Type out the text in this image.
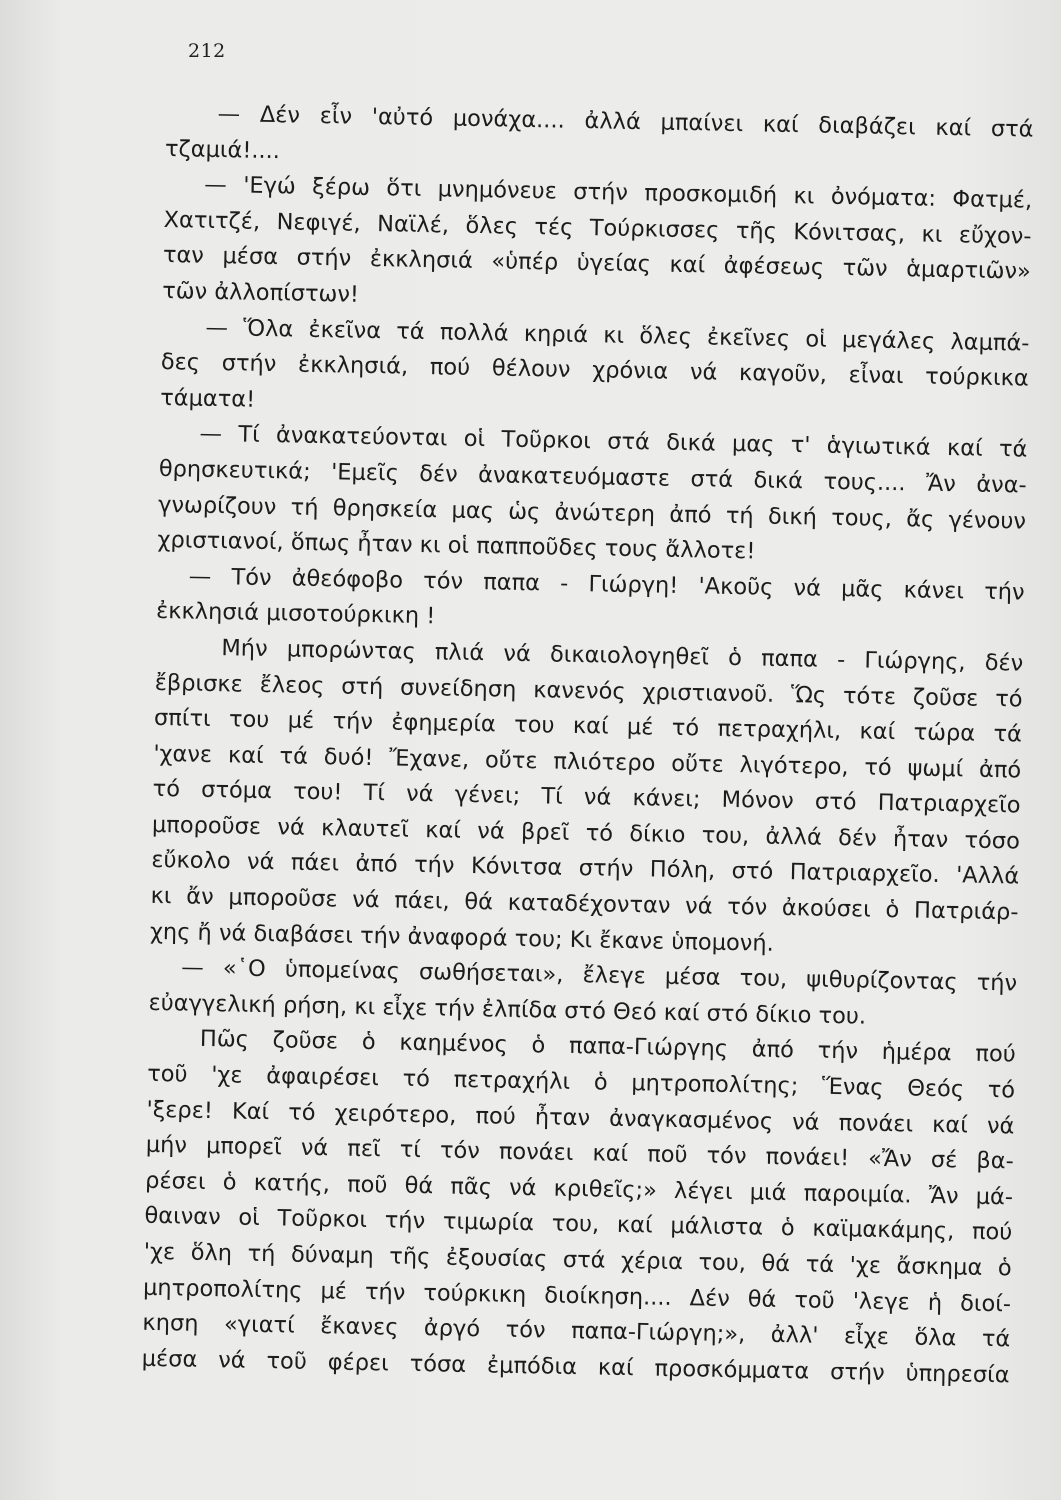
212
— Δέν εἶν 'αὐτό μονάχα.... ἀλλά μπαίνει καί διαβάζει καί στά
τζαμιά!....
— 'Εγώ ξέρω ὅτι μνημόνευε στήν προσκομιδή κι ὀνόματα: Φατμέ,
Χατιτζέ, Νεφιγέ, Ναϊλέ, ὅλες τές Τούρκισσες τῆς Κόνιτσας, κι εὔχον-
ταν μέσα στήν ἐκκλησιά «ὑπέρ ὑγείας καί ἀφέσεως τῶν ἁμαρτιῶν»
τῶν ἀλλοπίστων!
— Ὅλα ἐκεῖνα τά πολλά κηριά κι ὅλες ἐκεῖνες οἱ μεγάλες λαμπά-
δες στήν ἐκκλησιά, πού θέλουν χρόνια νά καγοῦν, εἶναι τούρκικα
τάματα!
— Τί ἀνακατεύονται οἱ Τοῦρκοι στά δικά μας τ' ἁγιωτικά καί τά
θρησκευτικά; 'Εμεῖς δέν ἀνακατευόμαστε στά δικά τους.... Ἄν ἀνα-
γνωρίζουν τή θρησκεία μας ὡς ἀνώτερη ἀπό τή δική τους, ἄς γένουν
χριστιανοί, ὅπως ἦταν κι οἱ παπποῦδες τους ἄλλοτε!
— Τόν ἀθεόφοβο τόν παπα - Γιώργη! 'Ακοῦς νά μᾶς κάνει τήν
ἐκκλησιά μισοτούρκικη !
Μήν μπορώντας πλιά νά δικαιολογηθεῖ ὁ παπα - Γιώργης, δέν
ἔβρισκε ἔλεος στή συνείδηση κανενός χριστιανοῦ. Ὥς τότε ζοῦσε τό
σπίτι του μέ τήν ἐφημερία του καί μέ τό πετραχήλι, καί τώρα τά
'χανε καί τά δυό! Ἔχανε, οὔτε πλιότερο οὔτε λιγότερο, τό ψωμί ἀπό
τό στόμα του! Τί νά γένει; Τί νά κάνει; Μόνον στό Πατριαρχεῖο
μποροῦσε νά κλαυτεῖ καί νά βρεῖ τό δίκιο του, ἀλλά δέν ἦταν τόσο
εὔκολο νά πάει ἀπό τήν Κόνιτσα στήν Πόλη, στό Πατριαρχεῖο. 'Αλλά
κι ἄν μποροῦσε νά πάει, θά καταδέχονταν νά τόν ἀκούσει ὁ Πατριάρ-
χης ἤ νά διαβάσει τήν ἀναφορά του; Κι ἔκανε ὑπομονή.
— «῾Ο ὑπομείνας σωθήσεται», ἔλεγε μέσα του, ψιθυρίζοντας τήν
εὐαγγελική ρήση, κι εἶχε τήν ἐλπίδα στό Θεό καί στό δίκιο του.
Πῶς ζοῦσε ὁ καημένος ὁ παπα-Γιώργης ἀπό τήν ἡμέρα πού
τοῦ 'χε ἀφαιρέσει τό πετραχήλι ὁ μητροπολίτης; Ἕνας Θεός τό
'ξερε! Καί τό χειρότερο, πού ἦταν ἀναγκασμένος νά πονάει καί νά
μήν μπορεῖ νά πεῖ τί τόν πονάει καί ποῦ τόν πονάει! «Ἄν σέ βα-
ρέσει ὁ κατής, ποῦ θά πᾶς νά κριθεῖς;» λέγει μιά παροιμία. Ἄν μά-
θαιναν οἱ Τοῦρκοι τήν τιμωρία του, καί μάλιστα ὁ καϊμακάμης, πού
'χε ὅλη τή δύναμη τῆς ἐξουσίας στά χέρια του, θά τά 'χε ἄσκημα ὁ
μητροπολίτης μέ τήν τούρκικη διοίκηση.... Δέν θά τοῦ 'λεγε ἡ διοί-
κηση «γιατί ἔκανες ἀργό τόν παπα-Γιώργη;», ἀλλ' εἶχε ὅλα τά
μέσα νά τοῦ φέρει τόσα ἐμπόδια καί προσκόμματα στήν ὑπηρεσία
